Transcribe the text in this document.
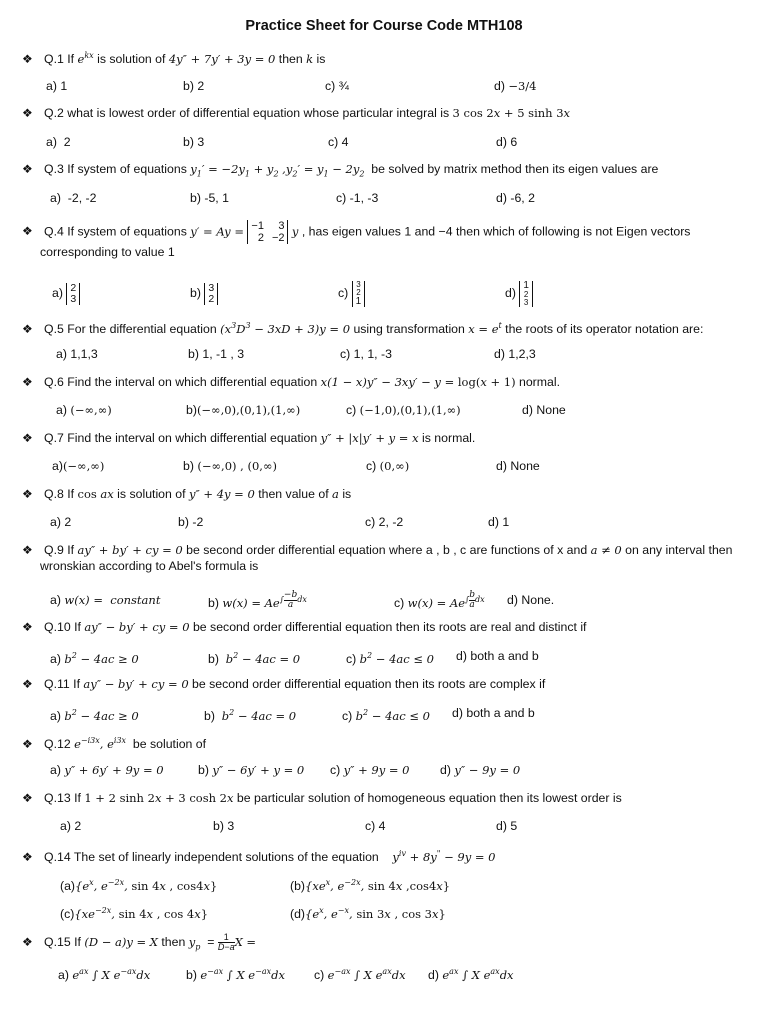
Practice Sheet for Course Code MTH108
❖ Q.1 If $e^{kx}$ is solution of 4y″ + 7y′ + 3y = 0 then k is
a) 1	b) 2	c) ¾	d) −3/4
❖ Q.2 what is lowest order of differential equation whose particular integral is 3 cos 2x + 5 sinh 3x
a)  2	b) 3	c) 4	d) 6
❖ Q.3 If system of equations $y_1' = -2y_1 + y_2$ $,y_2' = y_1 - 2y_2$  be solved by matrix method then its eigen values are
a)  -2, -2	b) -5, 1	c) -1, -3	d) -6, 2
❖ Q.4 If system of equations y′ = Ay = −1	3
2 −2 y , has eigen values 1 and −4 then which of following is not Eigen vectors
corresponding to value 1
a) 2
3	b) 3
2	c)
3
2
1
d)
1
2
3
❖ Q.5 For the differential equation $(x^3D^3 - 3xD + 3)y = 0$ using transformation $x = e^t$ the roots of its operator notation are:
a) 1,1,3	b) 1, -1 , 3	c) 1, 1, -3	d) 1,2,3
❖ Q.6 Find the interval on which differential equation x(1 − x)y″ − 3xy′ − y = log(x + 1) normal.
a) (−∞,∞)	b)(−∞,0),(0,1),(1,∞)	c) (−1,0),(0,1),(1,∞)	d) None
❖ Q.7 Find the interval on which differential equation y″ + |x|y′ + y = x is normal.
a)(−∞,∞)	b) (−∞,0) , (0,∞)	c) (0,∞)	d) None
❖ Q.8 If cos ax is solution of y″ + 4y = 0 then value of a is
a) 2	b) -2	c) 2, -2	d) 1
❖ Q.9 If ay″ + by′ + cy = 0 be second order differential equation where a , b , c are functions of x and a ≠ 0 on any interval then
wronskian according to Abel's formula is
a) w(x) =  constant	b) $w(x) = Ae^{\int \frac{-b}{a} dx}$	c) $w(x) = Ae^{\int \frac{b}{a} dx}$ d) None.
❖ Q.10 If ay″ − by′ + cy = 0 be second order differential equation then its roots are real and distinct if
a) $b^2 - 4ac \ge 0$	b)  $b^2 - 4ac = 0$	c) $b^2 - 4ac \le 0$ d) both a and b
❖ Q.11 If ay″ − by′ + cy = 0 be second order differential equation then its roots are complex if
a) $b^2 - 4ac \ge 0$	b)  $b^2 - 4ac = 0$	c) $b^2 - 4ac \le 0$ d) both a and b
❖ Q.12 $e^{-i3x}$, $e^{i3x}$  be solution of
a) y″ + 6y′ + 9y = 0	b) y″ − 6y′ + y = 0 c) y″ + 9y = 0 d) y″ − 9y = 0
❖ Q.13 If 1 + 2 sinh 2x + 3 cosh 2x be particular solution of homogeneous equation then its lowest order is
a) 2	b) 3	c) 4	d) 5
❖ Q.14 The set of linearly independent solutions of the equation    $y^{iv} + 8y^" - 9y = 0$
$(a)\{e^x$, $e^{-2x}$, sin 4x , cos4x}	$(b)\{xe^x$, $e^{-2x}$, sin 4x ,cos4x}
$(c)\{xe^{-2x}$, sin 4x , cos 4x}	$(d)\{e^x$, $e^{-x}$, sin 3x , cos 3x}
❖ Q.15 If (D − a)y = X then $y_p = \frac{1}{D-a}$ X =
a) $e^{ax}$ ∫ X $e^{-ax}dx$	b) $e^{-ax}$ ∫ X $e^{-ax}dx$ c) $e^{-ax}$ ∫ X $e^{ax}dx$ d) $e^{ax}$ ∫ X $e^{ax}dx$
